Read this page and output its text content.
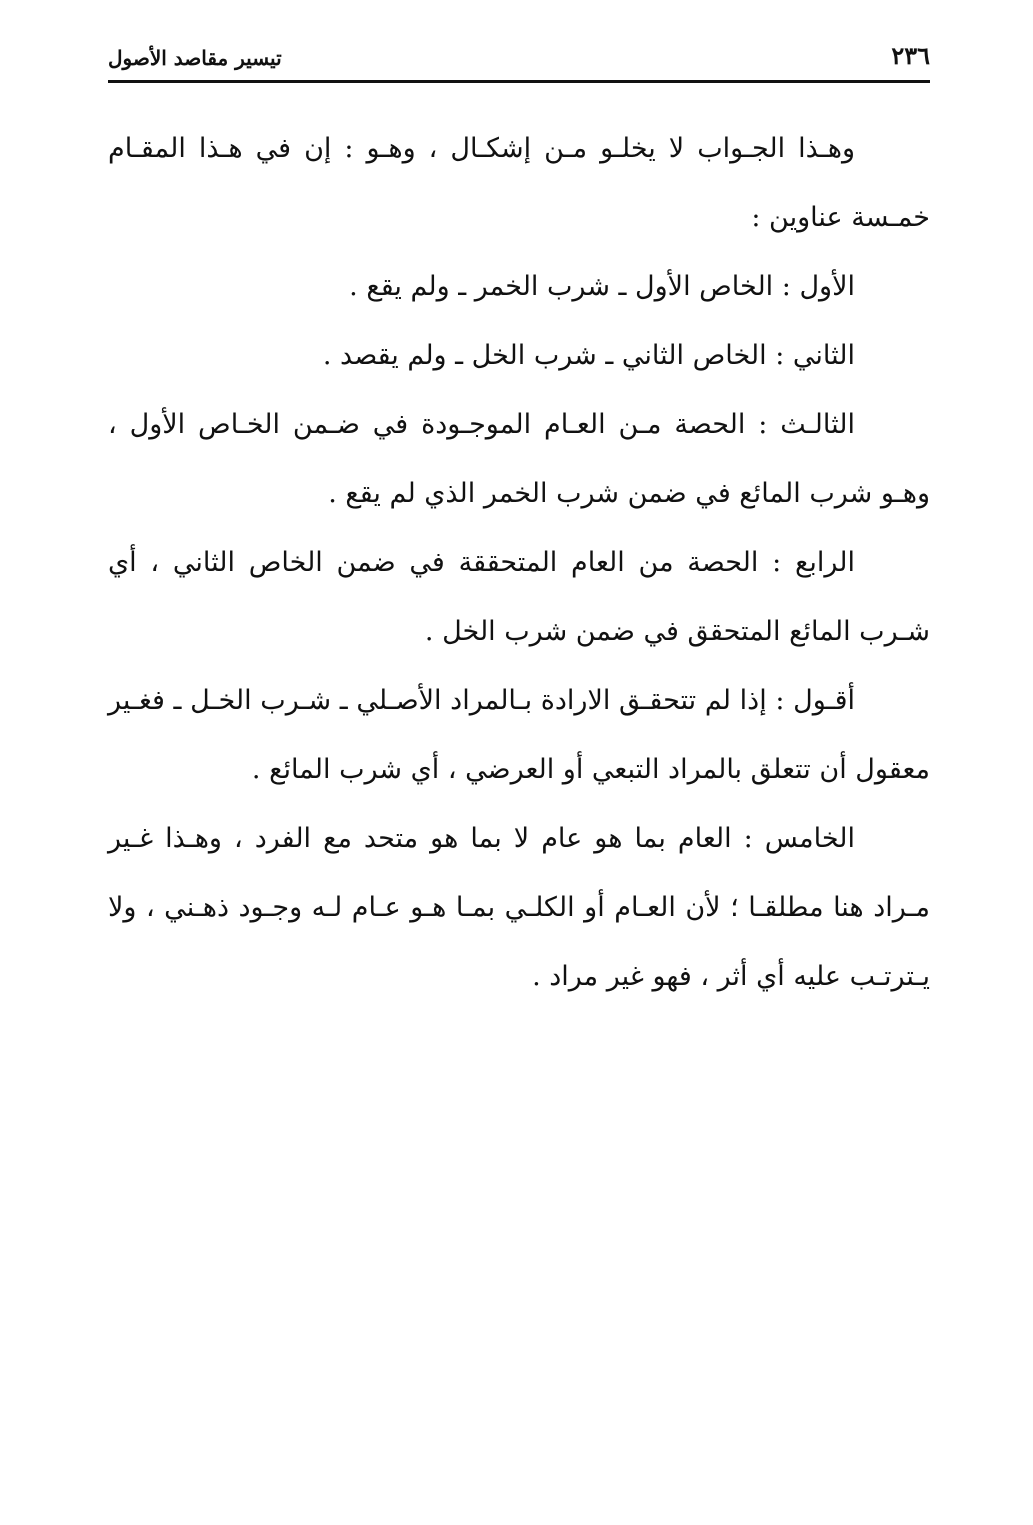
٢٣٦
تيسير مقاصد الأصول

وهـذا الجـواب لا يخلـو مـن إشكـال ، وهـو : إن في هـذا المقـام خمـسة عناوين :

الأول : الخاص الأول ـ شرب الخمر ـ ولم يقع .

الثاني : الخاص الثاني ـ شرب الخل ـ ولم يقصد .

الثالـث : الحصة مـن العـام الموجـودة في ضـمن الخـاص الأول ، وهـو شرب المائع في ضمن شرب الخمر الذي لم يقع .

الرابع : الحصة من العام المتحققة في ضمن الخاص الثاني ، أي شـرب المائع المتحقق في ضمن شرب الخل .

أقـول : إذا لم تتحقـق الارادة بـالمراد الأصـلي ـ شـرب الخـل ـ فغـير معقول أن تتعلق بالمراد التبعي أو العرضي ، أي شرب المائع .

الخامس : العام بما هو عام لا بما هو متحد مع الفرد ، وهـذا غـير مـراد هنا مطلقـا ؛ لأن العـام أو الكلـي بمـا هـو عـام لـه وجـود ذهـني ، ولا يـترتـب عليه أي أثر ، فهو غير مراد .
